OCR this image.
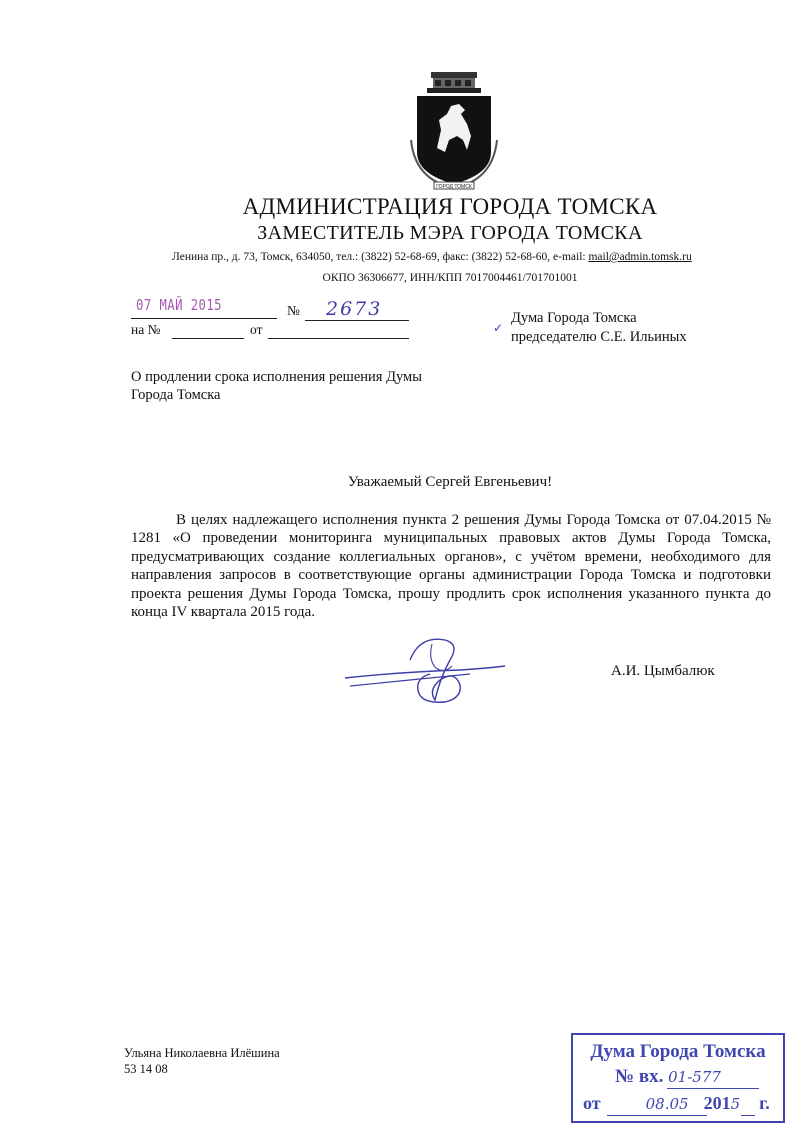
ГОРОД ТОМСК
АДМИНИСТРАЦИЯ ГОРОДА ТОМСКА
ЗАМЕСТИТЕЛЬ МЭРА ГОРОДА ТОМСКА
Ленина пр., д. 73, Томск, 634050, тел.: (3822) 52-68-69, факс: (3822) 52-68-60, e-mail: mail@admin.tomsk.ru
ОКПО 36306677, ИНН/КПП 7017004461/701701001
07 МАЙ 2015	№ 2673
на №	от	✓
Дума Города Томска
председателю С.Е. Ильиных
О продлении срока исполнения решения Думы
Города Томска
Уважаемый Сергей Евгеньевич!
В целях надлежащего исполнения пункта 2 решения Думы Города Томска от 07.04.2015 № 1281 «О проведении мониторинга муниципальных правовых актов Думы Города Томска, предусматривающих создание коллегиальных органов», с учётом времени, необходимого для направления запросов в соответствующие органы администрации Города Томска и подготовки проекта решения Думы Города Томска, прошу продлить срок исполнения указанного пункта до конца IV квартала 2015 года.
А.И. Цымбалюк
Ульяна Николаевна Илёшина
53 14 08
Дума Города Томска
№ вх. 01-577
от	08.05 2015 г.
